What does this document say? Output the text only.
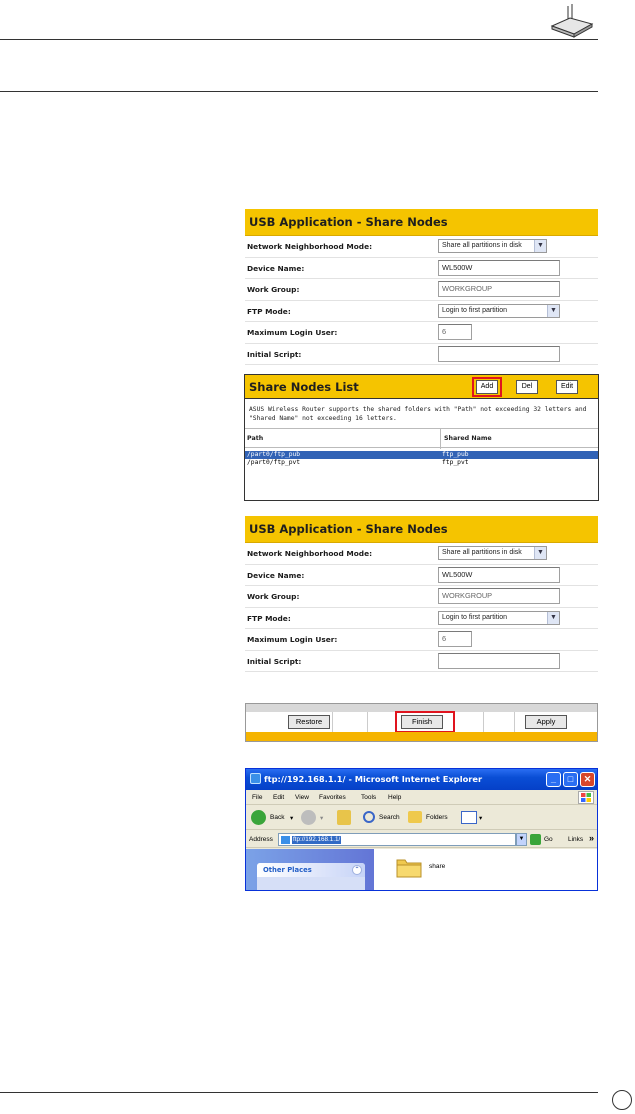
USB Application - Share Nodes
Network Neighborhood Mode:	Share all partitions in disk	▼
Device Name:	WL500W
Work Group:	WORKGROUP
FTP Mode:	Login to first partition	▼
Maximum Login User:	6
Initial Script:
Share Nodes List	Add	Del	Edit
ASUS Wireless Router supports the shared folders with "Path" not exceeding 32 letters and "Shared Name" not exceeding 16 letters.
Path	Shared Name
/part0/ftp_pub	ftp_pub
/part0/ftp_pvt	ftp_pvt
USB Application - Share Nodes
Network Neighborhood Mode:	Share all partitions in disk	▼
Device Name:	WL500W
Work Group:	WORKGROUP
FTP Mode:	Login to first partition	▼
Maximum Login User:	6
Initial Script:
Restore	Finish	Apply
ftp://192.168.1.1/ - Microsoft Internet Explorer	_	□	✕
File Edit View Favorites Tools Help
Back ▾	▾	Search	Folders	▾
Address	ftp://192.168.1.1/	▼	Go Links »
Other Places	⌃	share
